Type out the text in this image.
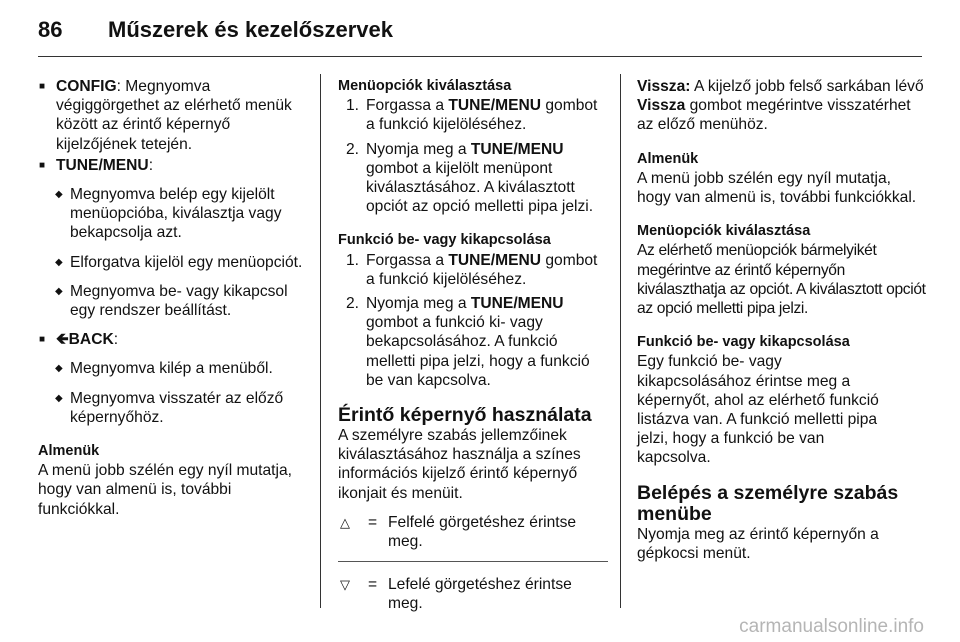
86	Műszerek és kezelőszervek
■ CONFIG: Megnyomva végiggörgethet az elérhető menük között az érintő képernyő kijelzőjének tetején.
■ TUNE/MENU:
◆ Megnyomva belép egy kijelölt menüopcióba, kiválasztja vagy bekapcsolja azt.
◆ Elforgatva kijelöl egy menüopciót.
◆ Megnyomva be- vagy kikapcsol egy rendszer beállítást.
■ 🡸BACK:
◆ Megnyomva kilép a menüből.
◆ Megnyomva visszatér az előző képernyőhöz.
Almenük
A menü jobb szélén egy nyíl mutatja, hogy van almenü is, további funkciókkal.
Menüopciók kiválasztása
1. Forgassa a TUNE/MENU gombot a funkció kijelöléséhez.
2. Nyomja meg a TUNE/MENU gombot a kijelölt menüpont kiválasztásához. A kiválasztott opciót az opció melletti pipa jelzi.
Funkció be- vagy kikapcsolása
1. Forgassa a TUNE/MENU gombot a funkció kijelöléséhez.
2. Nyomja meg a TUNE/MENU gombot a funkció ki- vagy bekapcsolásához. A funkció melletti pipa jelzi, hogy a funkció be van kapcsolva.
Érintő képernyő használata
A személyre szabás jellemzőinek kiválasztásához használja a színes információs kijelző érintő képernyő ikonjait és menüit.
△ = Felfelé görgetéshez érintse meg.
▽ = Lefelé görgetéshez érintse meg.
Vissza: A kijelző jobb felső sarkában lévő Vissza gombot megérintve visszatérhet az előző menühöz.
Almenük
A menü jobb szélén egy nyíl mutatja, hogy van almenü is, további funkciókkal.
Menüopciók kiválasztása
Az elérhető menüopciók bármelyikét megérintve az érintő képernyőn kiválaszthatja az opciót. A kiválasztott opciót az opció melletti pipa jelzi.
Funkció be- vagy kikapcsolása
Egy funkció be- vagy kikapcsolásához érintse meg a képernyőt, ahol az elérhető funkció listázva van. A funkció melletti pipa jelzi, hogy a funkció be van kapcsolva.
Belépés a személyre szabás menübe
Nyomja meg az érintő képernyőn a gépkocsi menüt.
carmanualsonline.info
